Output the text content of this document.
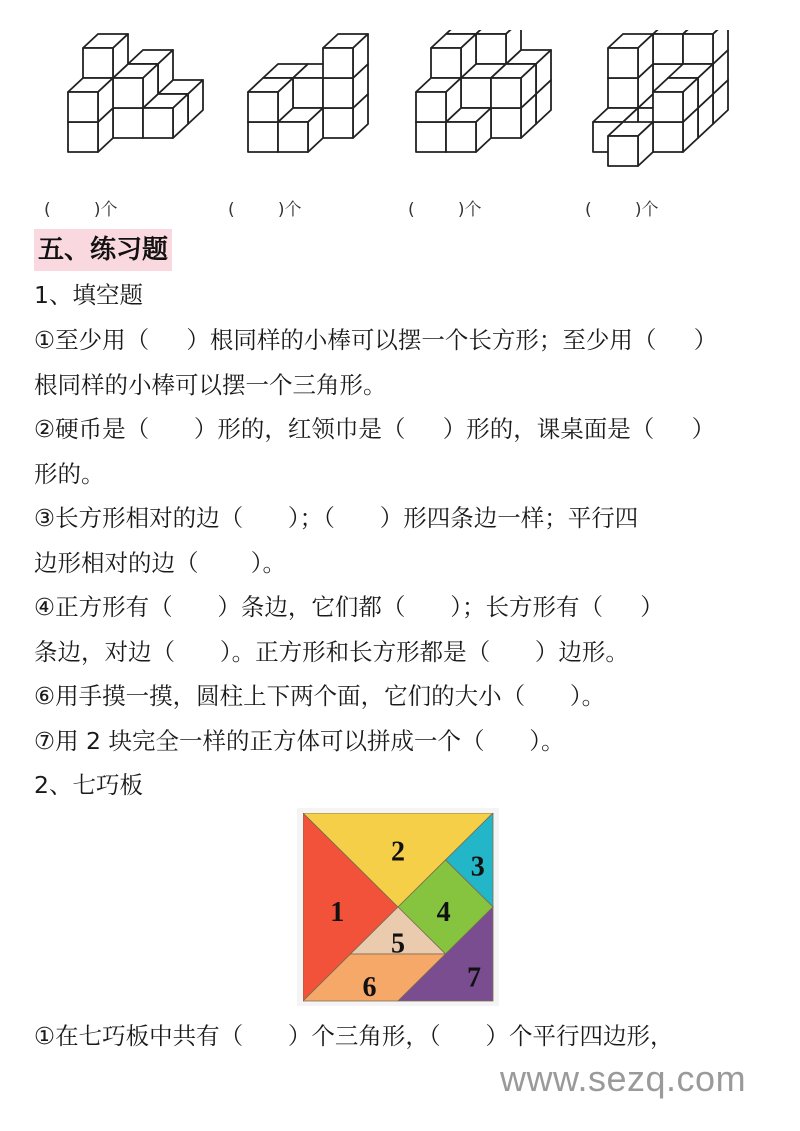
(        )个	(        )个	(        )个	(        )个
五、练习题
1、填空题
①至少用（     ）根同样的小棒可以摆一个长方形；至少用（     ）
根同样的小棒可以摆一个三角形。
②硬币是（      ）形的，红领巾是（     ）形的，课桌面是（     ）
形的。
③长方形相对的边（      ）；（      ）形四条边一样；平行四
边形相对的边（       ）。
④正方形有（      ）条边，它们都（      ）；长方形有（     ）
条边，对边（      ）。正方形和长方形都是（      ）边形。
⑥用手摸一摸，圆柱上下两个面，它们的大小（      ）。
⑦用 2 块完全一样的正方体可以拼成一个（      ）。
2、七巧板
1
2 3
4
5
6	7
①在七巧板中共有（      ）个三角形，（      ）个平行四边形，
www.sezq.com
